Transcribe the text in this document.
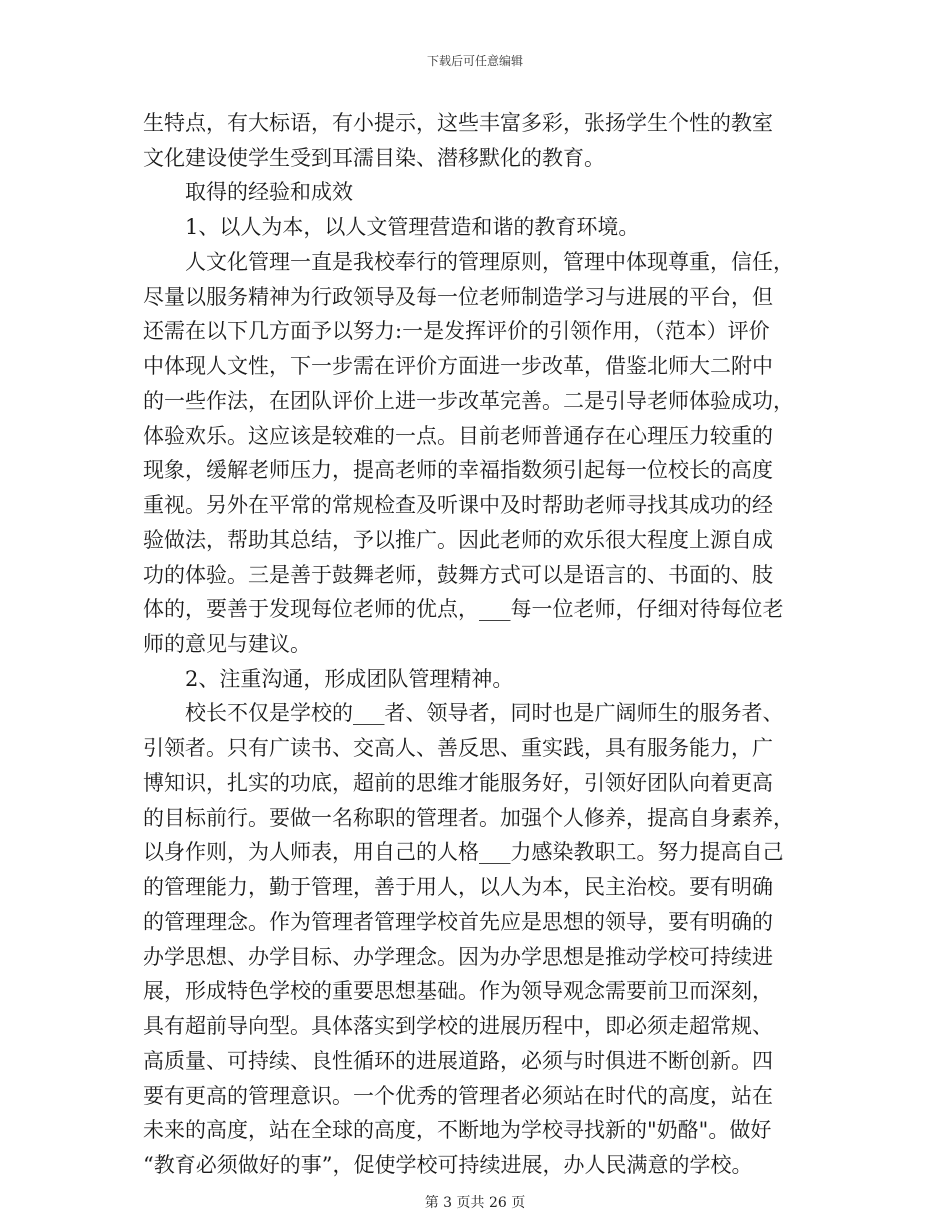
下载后可任意编辑
生特点，有大标语，有小提示，这些丰富多彩，张扬学生个性的教室
文化建设使学生受到耳濡目染、潜移默化的教育。
取得的经验和成效
1、以人为本，以人文管理营造和谐的教育环境。
人文化管理一直是我校奉行的管理原则，管理中体现尊重，信任，
尽量以服务精神为行政领导及每一位老师制造学习与进展的平台，但
还需在以下几方面予以努力:一是发挥评价的引领作用，（范本）评价
中体现人文性，下一步需在评价方面进一步改革，借鉴北师大二附中
的一些作法，在团队评价上进一步改革完善。二是引导老师体验成功，
体验欢乐。这应该是较难的一点。目前老师普通存在心理压力较重的
现象，缓解老师压力，提高老师的幸福指数须引起每一位校长的高度
重视。另外在平常的常规检查及听课中及时帮助老师寻找其成功的经
验做法，帮助其总结，予以推广。因此老师的欢乐很大程度上源自成
功的体验。三是善于鼓舞老师，鼓舞方式可以是语言的、书面的、肢
体的，要善于发现每位老师的优点，___每一位老师，仔细对待每位老
师的意见与建议。
2、注重沟通，形成团队管理精神。
校长不仅是学校的___者、领导者，同时也是广阔师生的服务者、
引领者。只有广读书、交高人、善反思、重实践，具有服务能力，广
博知识，扎实的功底，超前的思维才能服务好，引领好团队向着更高
的目标前行。要做一名称职的管理者。加强个人修养，提高自身素养，
以身作则，为人师表，用自己的人格___力感染教职工。努力提高自己
的管理能力，勤于管理，善于用人，以人为本，民主治校。要有明确
的管理理念。作为管理者管理学校首先应是思想的领导，要有明确的
办学思想、办学目标、办学理念。因为办学思想是推动学校可持续进
展，形成特色学校的重要思想基础。作为领导观念需要前卫而深刻，
具有超前导向型。具体落实到学校的进展历程中，即必须走超常规、
高质量、可持续、良性循环的进展道路，必须与时俱进不断创新。四
要有更高的管理意识。一个优秀的管理者必须站在时代的高度，站在
未来的高度，站在全球的高度，不断地为学校寻找新的"奶酪"。做好
“教育必须做好的事”，促使学校可持续进展，办人民满意的学校。
第 3 页共 26 页
